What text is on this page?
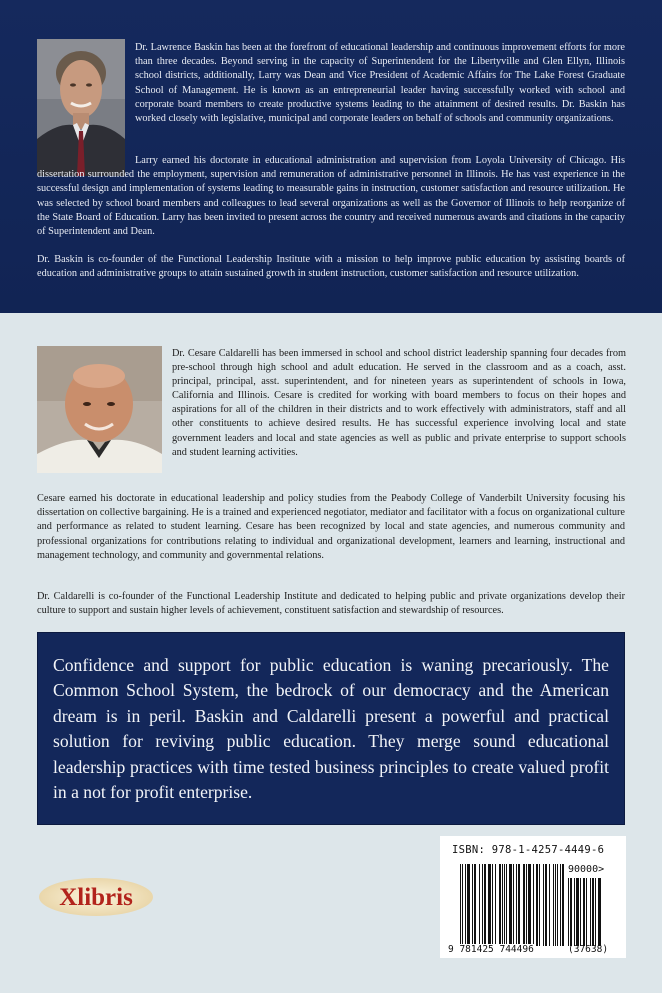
Dr. Lawrence Baskin has been at the forefront of educational leadership and continuous improvement efforts for more than three decades. Beyond serving in the capacity of Superintendent for the Libertyville and Glen Ellyn, Illinois school districts, additionally, Larry was Dean and Vice President of Academic Affairs for The Lake Forest Graduate School of Management. He is known as an entrepreneurial leader having successfully worked with school and corporate board members to create productive systems leading to the attainment of desired results. Dr. Baskin has worked closely with legislative, municipal and corporate leaders on behalf of schools and community organizations.

Larry earned his doctorate in educational administration and supervision from Loyola University of Chicago. His dissertation surrounded the employment, supervision and remuneration of administrative personnel in Illinois. He has vast experience in the successful design and implementation of systems leading to measurable gains in instruction, customer satisfaction and resource utilization. He was selected by school board members and colleagues to lead several organizations as well as the Governor of Illinois to help reorganize of the State Board of Education. Larry has been invited to present across the country and received numerous awards and citations in the capacity of Superintendent and Dean.

Dr. Baskin is co-founder of the Functional Leadership Institute with a mission to help improve public education by assisting boards of education and administrative groups to attain sustained growth in student instruction, customer satisfaction and resource utilization.

Dr. Cesare Caldarelli has been immersed in school and school district leadership spanning four decades from pre-school through high school and adult education. He served in the classroom and as a coach, asst. principal, principal, asst. superintendent, and for nineteen years as superintendent of schools in Iowa, California and Illinois. Cesare is credited for working with board members to focus on their hopes and aspirations for all of the children in their districts and to work effectively with administrators, staff and all other constituents to achieve desired results. He has successful experience involving local and state government leaders and local and state agencies as well as public and private enterprise to support schools and student learning activities.

Cesare earned his doctorate in educational leadership and policy studies from the Peabody College of Vanderbilt University focusing his dissertation on collective bargaining. He is a trained and experienced negotiator, mediator and facilitator with a focus on organizational culture and performance as related to student learning. Cesare has been recognized by local and state agencies, and numerous community and professional organizations for contributions relating to individual and organizational development, learners and learning, instructional and management technology, and community and governmental relations.

Dr. Caldarelli is co-founder of the Functional Leadership Institute and dedicated to helping public and private organizations develop their culture to support and sustain higher levels of achievement, constituent satisfaction and stewardship of resources.

Confidence and support for public education is waning precariously. The Common School System, the bedrock of our democracy and the American dream is in peril. Baskin and Caldarelli present a powerful and practical solution for reviving public education. They merge sound educational leadership practices with time tested business principles to create valued profit in a not for profit enterprise.

Xlibris
ISBN: 978-1-4257-4449-6
90000>
9 781425 744496	(37638)
